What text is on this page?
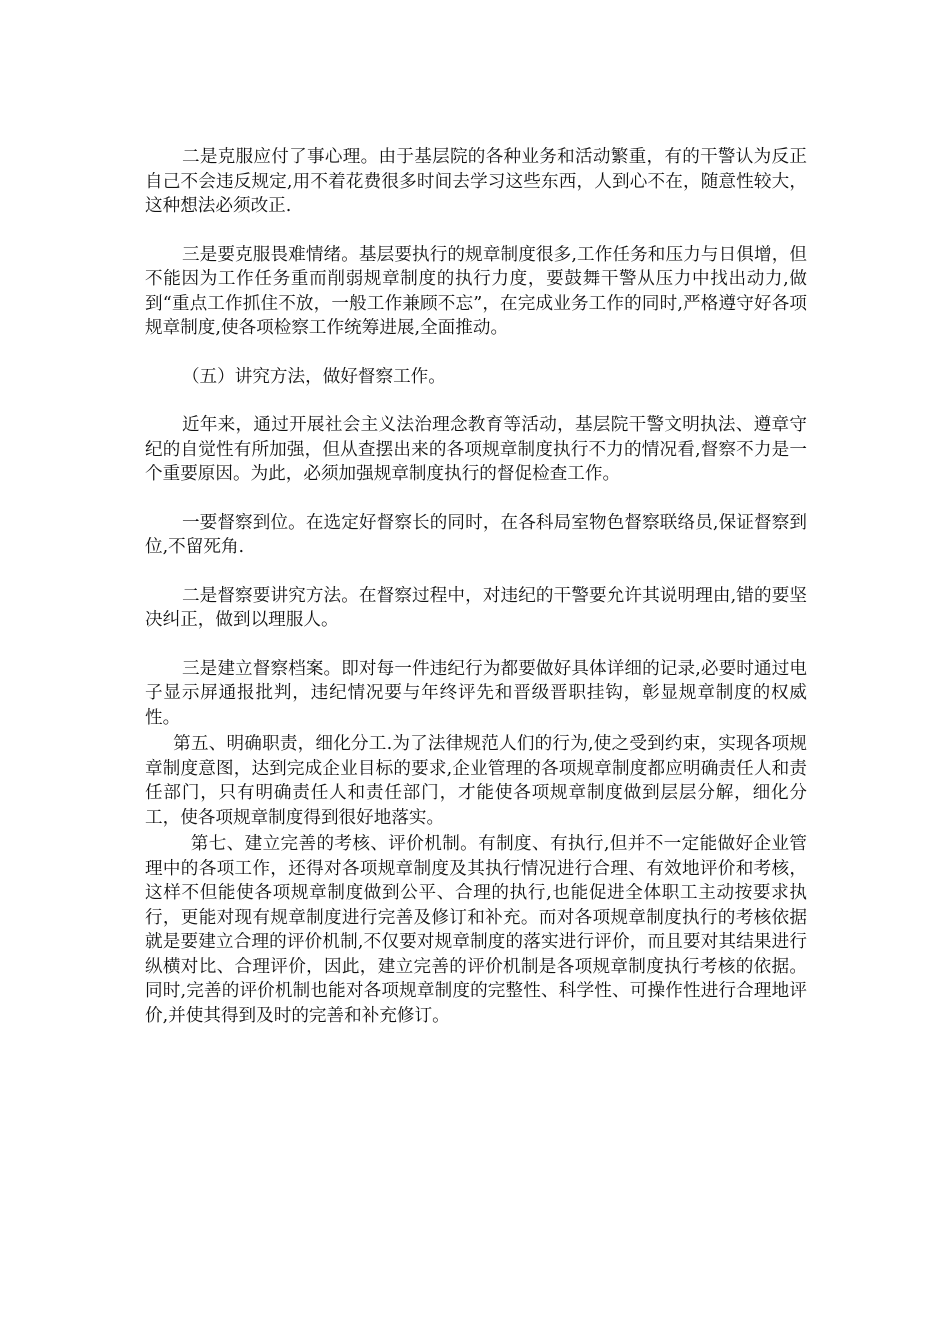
二是克服应付了事心理。由于基层院的各种业务和活动繁重，有的干警认为反正自己不会违反规定,用不着花费很多时间去学习这些东西，人到心不在，随意性较大，这种想法必须改正.

三是要克服畏难情绪。基层要执行的规章制度很多,工作任务和压力与日俱增，但不能因为工作任务重而削弱规章制度的执行力度，要鼓舞干警从压力中找出动力,做到“重点工作抓住不放，一般工作兼顾不忘”，在完成业务工作的同时,严格遵守好各项规章制度,使各项检察工作统筹进展,全面推动。

（五）讲究方法，做好督察工作。

近年来，通过开展社会主义法治理念教育等活动，基层院干警文明执法、遵章守纪的自觉性有所加强，但从查摆出来的各项规章制度执行不力的情况看,督察不力是一个重要原因。为此，必须加强规章制度执行的督促检查工作。

一要督察到位。在选定好督察长的同时，在各科局室物色督察联络员,保证督察到位,不留死角.

二是督察要讲究方法。在督察过程中，对违纪的干警要允许其说明理由,错的要坚决纠正，做到以理服人。

三是建立督察档案。即对每一件违纪行为都要做好具体详细的记录,必要时通过电子显示屏通报批判，违纪情况要与年终评先和晋级晋职挂钩，彰显规章制度的权威性。

第五、明确职责，细化分工.为了法律规范人们的行为,使之受到约束，实现各项规章制度意图，达到完成企业目标的要求,企业管理的各项规章制度都应明确责任人和责任部门，只有明确责任人和责任部门，才能使各项规章制度做到层层分解，细化分工，使各项规章制度得到很好地落实。

第七、建立完善的考核、评价机制。有制度、有执行,但并不一定能做好企业管理中的各项工作，还得对各项规章制度及其执行情况进行合理、有效地评价和考核，这样不但能使各项规章制度做到公平、合理的执行,也能促进全体职工主动按要求执行，更能对现有规章制度进行完善及修订和补充。而对各项规章制度执行的考核依据就是要建立合理的评价机制,不仅要对规章制度的落实进行评价，而且要对其结果进行纵横对比、合理评价，因此，建立完善的评价机制是各项规章制度执行考核的依据。同时,完善的评价机制也能对各项规章制度的完整性、科学性、可操作性进行合理地评价,并使其得到及时的完善和补充修订。
